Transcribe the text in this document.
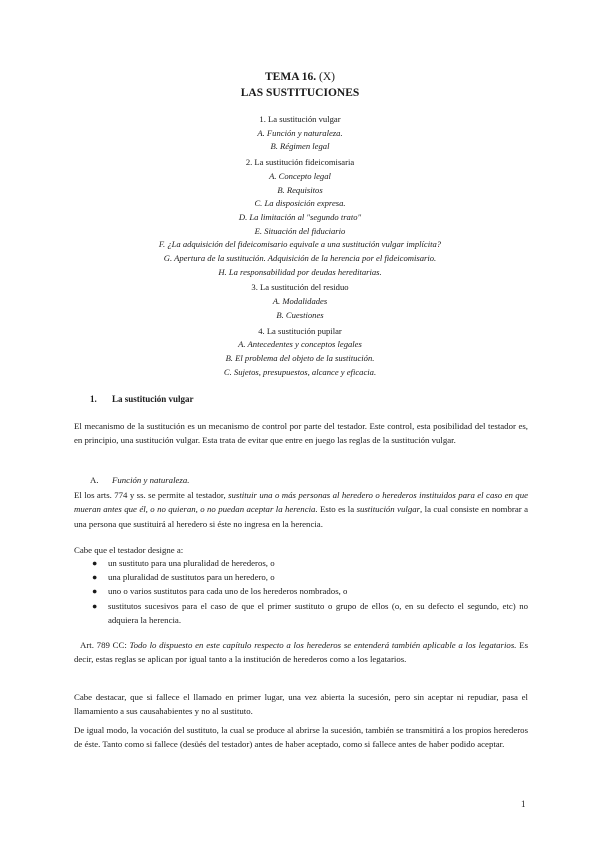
TEMA 16. (X)
LAS SUSTITUCIONES
1. La sustitución vulgar
A. Función y naturaleza.
B. Régimen legal
2. La sustitución fideicomisaria
A. Concepto legal
B. Requisitos
C. La disposición expresa.
D. La limitación al "segundo trato"
E. Situación del fiduciario
F. ¿La adquisición del fideicomisario equivale a una sustitución vulgar implícita?
G. Apertura de la sustitución. Adquisición de la herencia por el fideicomisario.
H. La responsabilidad por deudas hereditarias.
3. La sustitución del residuo
A. Modalidades
B. Cuestiones
4. La sustitución pupilar
A. Antecedentes y conceptos legales
B. El problema del objeto de la sustitución.
C. Sujetos, presupuestos, alcance y eficacia.
1. La sustitución vulgar
El mecanismo de la sustitución es un mecanismo de control por parte del testador. Este control, esta posibilidad del testador es, en principio, una sustitución vulgar. Esta trata de evitar que entre en juego las reglas de la sustitución vulgar.
A. Función y naturaleza.
El los arts. 774 y ss. se permite al testador, sustituir una o más personas al heredero o herederos instituidos para el caso en que mueran antes que él, o no quieran, o no puedan aceptar la herencia. Esto es la sustitución vulgar, la cual consiste en nombrar a una persona que sustituirá al heredero si éste no ingresa en la herencia.
Cabe que el testador designe a:
● un sustituto para una pluralidad de herederos, o
● una pluralidad de sustitutos para un heredero, o
● uno o varios sustitutos para cada uno de los herederos nombrados, o
● sustitutos sucesivos para el caso de que el primer sustituto o grupo de ellos (o, en su defecto el segundo, etc) no adquiera la herencia.
Art. 789 CC: Todo lo dispuesto en este capítulo respecto a los herederos se entenderá también aplicable a los legatarios. Es decir, estas reglas se aplican por igual tanto a la institución de herederos como a los legatarios.
Cabe destacar, que si fallece el llamado en primer lugar, una vez abierta la sucesión, pero sin aceptar ni repudiar, pasa el llamamiento a sus causahabientes y no al sustituto.
De igual modo, la vocación del sustituto, la cual se produce al abrirse la sucesión, también se transmitirá a los propios herederos de éste. Tanto como si fallece (desüés del testador) antes de haber aceptado, como si fallece antes de haber podido aceptar.
1
